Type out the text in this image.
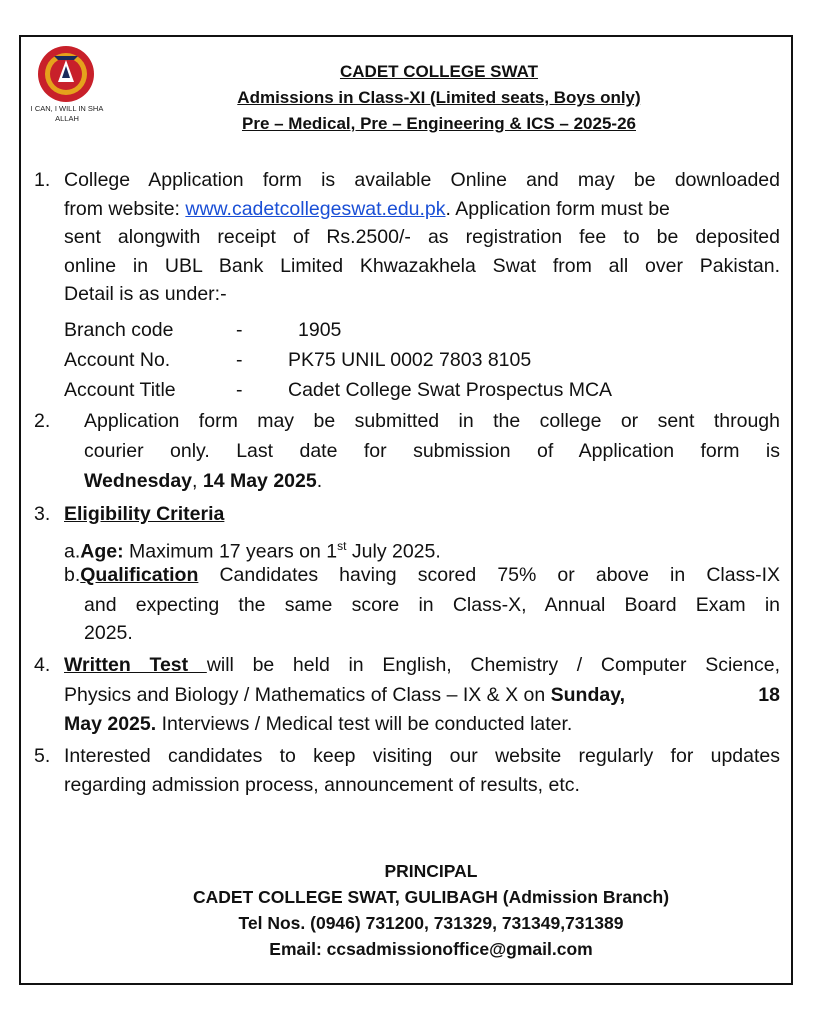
I CAN, I WILL IN SHA ALLAH
CADET COLLEGE SWAT
Admissions in Class-XI (Limited seats, Boys only)
Pre – Medical, Pre – Engineering & ICS – 2025-26
1. College Application form is available Online and may be downloaded
from website: www.cadetcollegeswat.edu.pk. Application form must be
sent alongwith receipt of Rs.2500/- as registration fee to be deposited
online in UBL Bank Limited Khwazakhela Swat from all over Pakistan.
Detail is as under:-
Branch code	-	1905
Account No.	- PK75 UNIL 0002 7803 8105
Account Title	- Cadet College Swat Prospectus MCA
2. Application form may be submitted in the college or sent through
courier only. Last date for submission of Application form is
Wednesday, 14 May 2025.
3. Eligibility Criteria
a.Age: Maximum 17 years on 1st July 2025.
b.Qualification Candidates having scored 75% or above in Class-IX
and expecting the same score in Class-X, Annual Board Exam in
2025.
4. Written Test will be held in English, Chemistry / Computer Science,
Physics and Biology / Mathematics of Class – IX & X on Sunday,	18
May 2025. Interviews / Medical test will be conducted later.
5. Interested candidates to keep visiting our website regularly for updates
regarding admission process, announcement of results, etc.
PRINCIPAL
CADET COLLEGE SWAT, GULIBAGH (Admission Branch)
Tel Nos. (0946) 731200, 731329, 731349,731389
Email: ccsadmissionoffice@gmail.com
